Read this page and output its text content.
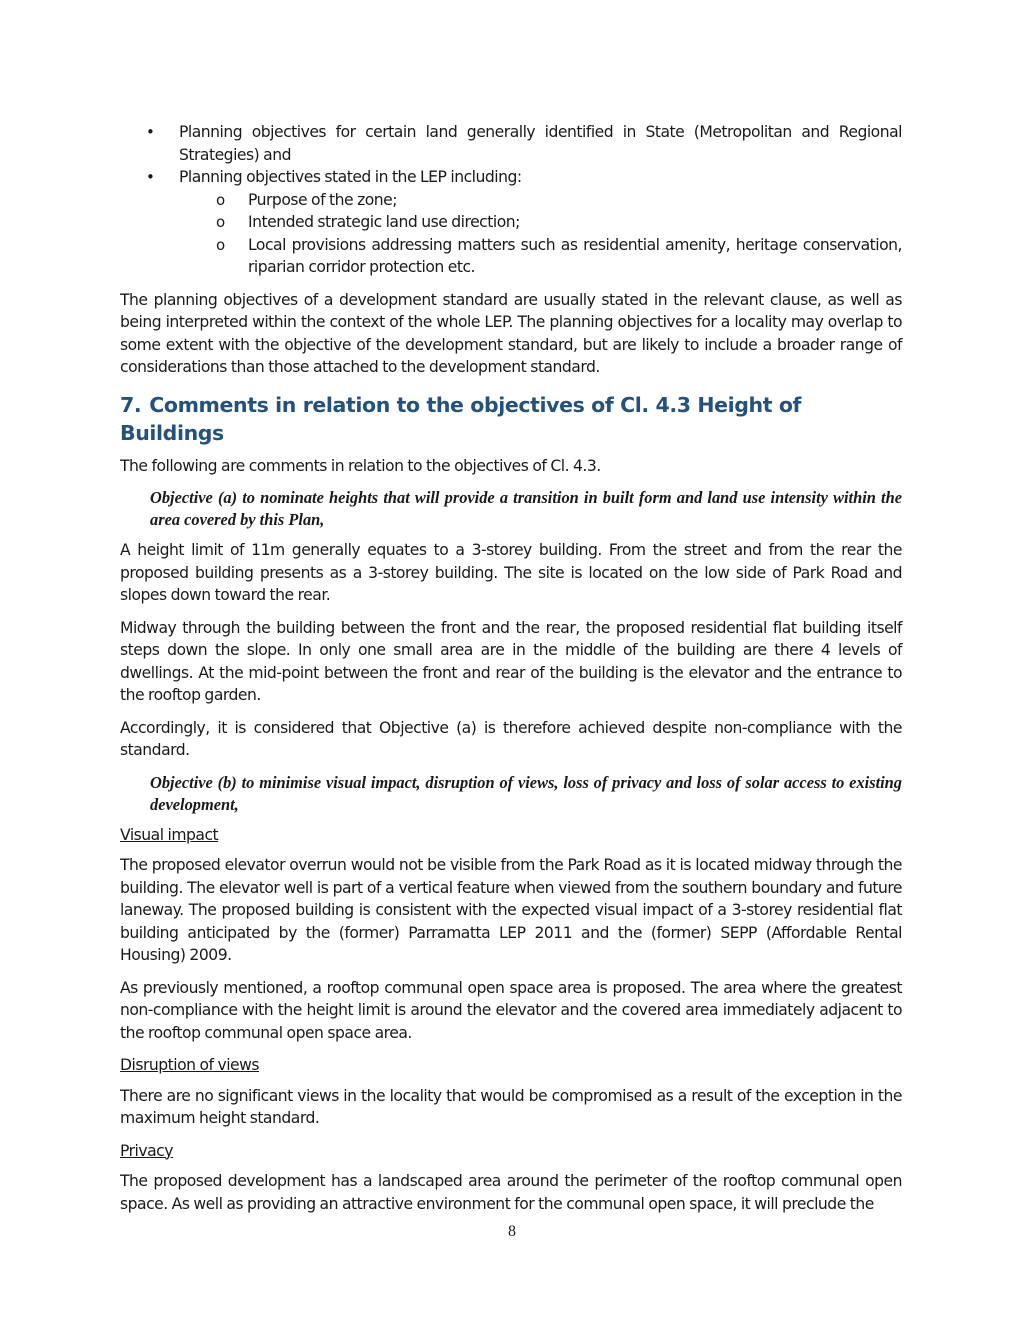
• Planning objectives for certain land generally identified in State (Metropolitan and Regional Strategies) and

• Planning objectives stated in the LEP including:

o Purpose of the zone;

o Intended strategic land use direction;

o Local provisions addressing matters such as residential amenity, heritage conservation, riparian corridor protection etc.

The planning objectives of a development standard are usually stated in the relevant clause, as well as being interpreted within the context of the whole LEP. The planning objectives for a locality may overlap to some extent with the objective of the development standard, but are likely to include a broader range of considerations than those attached to the development standard.

7. Comments in relation to the objectives of Cl. 4.3 Height of Buildings

The following are comments in relation to the objectives of Cl. 4.3.

Objective (a) to nominate heights that will provide a transition in built form and land use intensity within the area covered by this Plan,

A height limit of 11m generally equates to a 3-storey building. From the street and from the rear the proposed building presents as a 3-storey building. The site is located on the low side of Park Road and slopes down toward the rear.

Midway through the building between the front and the rear, the proposed residential flat building itself steps down the slope. In only one small area are in the middle of the building are there 4 levels of dwellings. At the mid-point between the front and rear of the building is the elevator and the entrance to the rooftop garden.

Accordingly, it is considered that Objective (a) is therefore achieved despite non-compliance with the standard.

Objective (b) to minimise visual impact, disruption of views, loss of privacy and loss of solar access to existing development,

Visual impact

The proposed elevator overrun would not be visible from the Park Road as it is located midway through the building. The elevator well is part of a vertical feature when viewed from the southern boundary and future laneway. The proposed building is consistent with the expected visual impact of a 3-storey residential flat building anticipated by the (former) Parramatta LEP 2011 and the (former) SEPP (Affordable Rental Housing) 2009.

As previously mentioned, a rooftop communal open space area is proposed. The area where the greatest non-compliance with the height limit is around the elevator and the covered area immediately adjacent to the rooftop communal open space area.

Disruption of views

There are no significant views in the locality that would be compromised as a result of the exception in the maximum height standard.

Privacy

The proposed development has a landscaped area around the perimeter of the rooftop communal open space. As well as providing an attractive environment for the communal open space, it will preclude the

8
